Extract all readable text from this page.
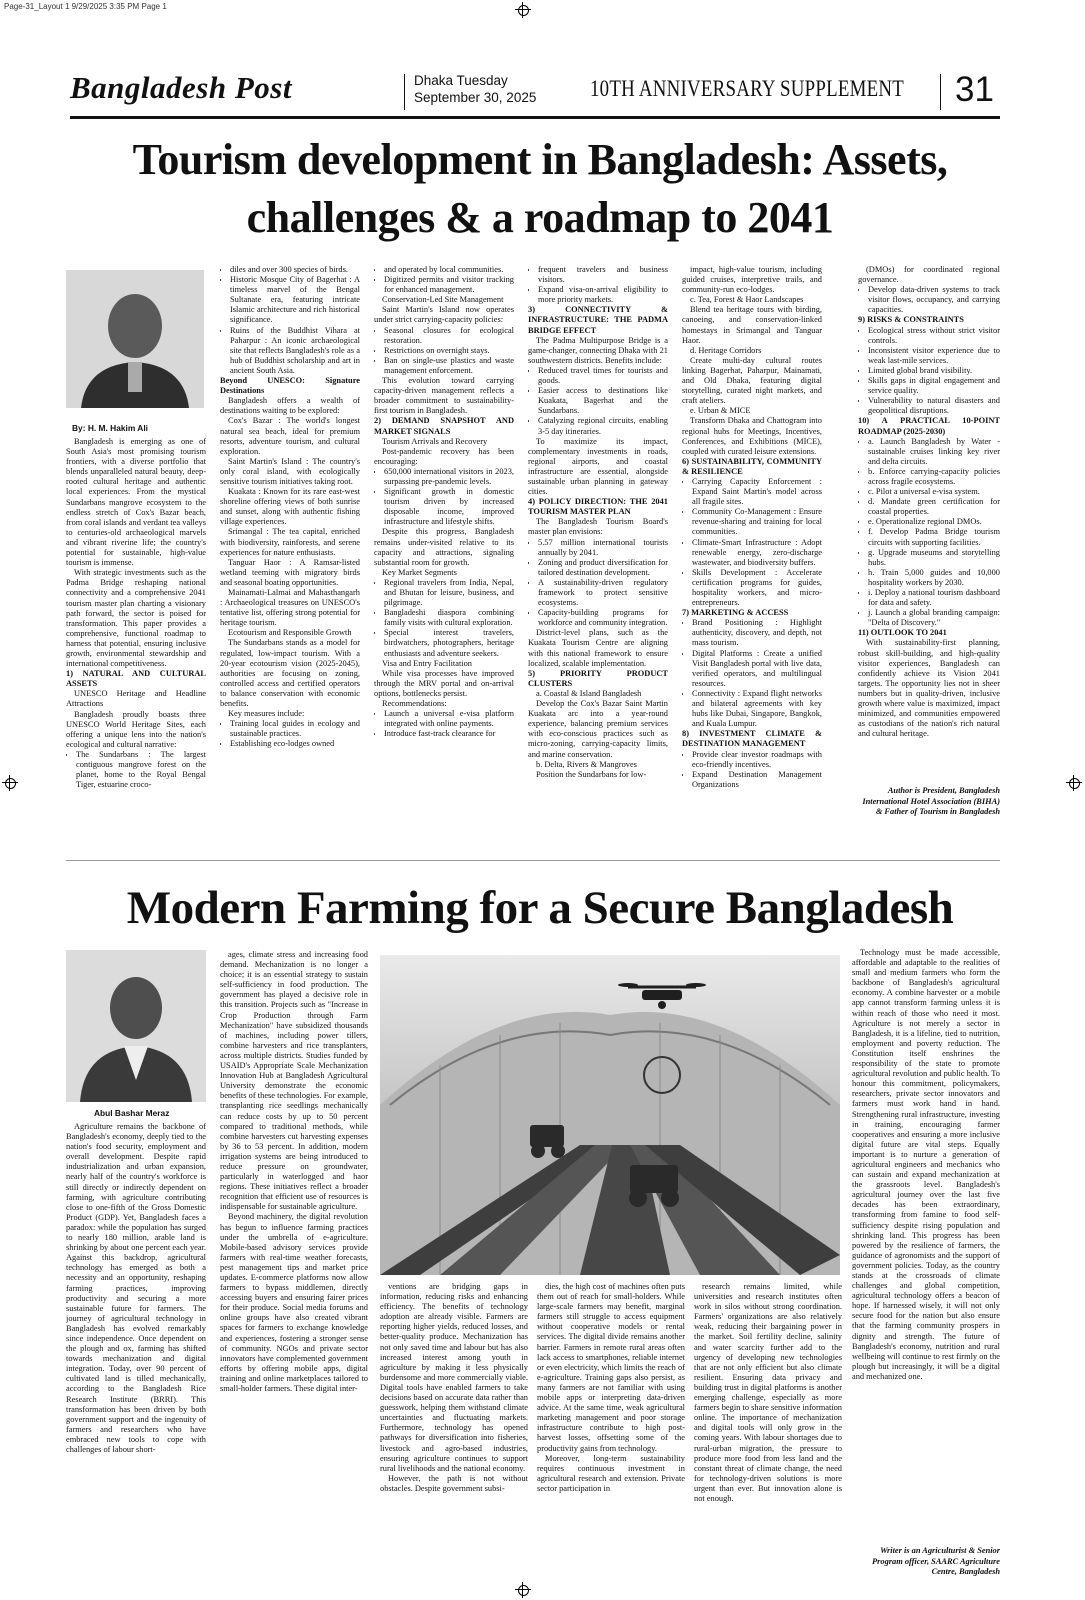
Page-31_Layout 1 9/29/2025 3:35 PM Page 1
Bangladesh Post	Dhaka Tuesday
September 30, 2025 10TH ANNIVERSARY SUPPLEMENT 31
Tourism development in Bangladesh: Assets,
challenges & a roadmap to 2041
By: H. M. Hakim Ali

Bangladesh is emerging as one of South Asia's most promising tourism frontiers, with a diverse portfolio that blends unparalleled natural beauty, deep-rooted cultural heritage and authentic local experiences. From the mystical Sundarbans mangrove ecosystem to the endless stretch of Cox's Bazar beach, from coral islands and verdant tea valleys to centuries-old archaeological marvels and vibrant riverine life; the country's potential for sustainable, high-value tourism is immense.

With strategic investments such as the Padma Bridge reshaping national connectivity and a comprehensive 2041 tourism master plan charting a visionary path forward, the sector is poised for transformation. This paper provides a comprehensive, functional roadmap to harness that potential, ensuring inclusive growth, environmental stewardship and international competitiveness.

1) NATURAL AND CULTURAL ASSETS

UNESCO Heritage and Headline Attractions

Bangladesh proudly boasts three UNESCO World Heritage Sites, each offering a unique lens into the nation's ecological and cultural narrative:

• The Sundarbans : The largest contiguous mangrove forest on the planet, home to the Royal Bengal Tiger, estuarine croco-
• diles and over 300 species of birds.
• Historic Mosque City of Bagerhat : A timeless marvel of the Bengal Sultanate era, featuring intricate Islamic architecture and rich historical significance.
• Ruins of the Buddhist Vihara at Paharpur : An iconic archaeological site that reflects Bangladesh's role as a hub of Buddhist scholarship and art in ancient South Asia.

Beyond UNESCO: Signature Destinations

Bangladesh offers a wealth of destinations waiting to be explored:

Cox's Bazar : The world's longest natural sea beach, ideal for premium resorts, adventure tourism, and cultural exploration.

Saint Martin's Island : The country's only coral island, with ecologically sensitive tourism initiatives taking root.

Kuakata : Known for its rare east-west shoreline offering views of both sunrise and sunset, along with authentic fishing village experiences.

Srimangal : The tea capital, enriched with biodiversity, rainforests, and serene experiences for nature enthusiasts.

Tanguar Haor : A Ramsar-listed wetland teeming with migratory birds and seasonal boating opportunities.

Mainamati-Lalmai and Mahasthangarh : Archaeological treasures on UNESCO's tentative list, offering strong potential for heritage tourism.

Ecotourism and Responsible Growth

The Sundarbans stands as a model for regulated, low-impact tourism. With a 20-year ecotourism vision (2025-2045), authorities are focusing on zoning, controlled access and certified operators to balance conservation with economic benefits.

Key measures include:

• Training local guides in ecology and sustainable practices.
• Establishing eco-lodges owned
• and operated by local communities.
• Digitized permits and visitor tracking for enhanced management.

Conservation-Led Site Management

Saint Martin's Island now operates under strict carrying-capacity policies:

• Seasonal closures for ecological restoration.
• Restrictions on overnight stays.
• Ban on single-use plastics and waste management enforcement.

This evolution toward carrying capacity-driven management reflects a broader commitment to sustainability-first tourism in Bangladesh.

2) DEMAND SNAPSHOT AND MARKET SIGNALS

Tourism Arrivals and Recovery

Post-pandemic recovery has been encouraging:

• 650,000 international visitors in 2023, surpassing pre-pandemic levels.
• Significant growth in domestic tourism driven by increased disposable income, improved infrastructure and lifestyle shifts.

Despite this progress, Bangladesh remains under-visited relative to its capacity and attractions, signaling substantial room for growth.

Key Market Segments

• Regional travelers from India, Nepal, and Bhutan for leisure, business, and pilgrimage.
• Bangladeshi diaspora combining family visits with cultural exploration.
• Special interest travelers, birdwatchers, photographers, heritage enthusiasts and adventure seekers.

Visa and Entry Facilitation

While visa processes have improved through the MRV portal and on-arrival options, bottlenecks persist.

Recommendations:

• Launch a universal e-visa platform integrated with online payments.
• Introduce fast-track clearance for
• frequent travelers and business visitors.
• Expand visa-on-arrival eligibility to more priority markets.

3) CONNECTIVITY & INFRASTRUCTURE: THE PADMA BRIDGE EFFECT

The Padma Multipurpose Bridge is a game-changer, connecting Dhaka with 21 southwestern districts. Benefits include:

• Reduced travel times for tourists and goods.
• Easier access to destinations like Kuakata, Bagerhat and the Sundarbans.
• Catalyzing regional circuits, enabling 3-5 day itineraries.

To maximize its impact, complementary investments in roads, regional airports, and coastal infrastructure are essential, alongside sustainable urban planning in gateway cities.

4) POLICY DIRECTION: THE 2041 TOURISM MASTER PLAN

The Bangladesh Tourism Board's master plan envisions:

• 5.57 million international tourists annually by 2041.
• Zoning and product diversification for tailored destination development.
• A sustainability-driven regulatory framework to protect sensitive ecosystems.
• Capacity-building programs for workforce and community integration.

District-level plans, such as the Kuakata Tourism Centre are aligning with this national framework to ensure localized, scalable implementation.

5) PRIORITY PRODUCT CLUSTERS

a. Coastal & Island Bangladesh

Develop the Cox's Bazar Saint Martin Kuakata arc into a year-round experience, balancing premium services with eco-conscious practices such as micro-zoning, carrying-capacity limits, and marine conservation.

b. Delta, Rivers & Mangroves

Position the Sundarbans for low-

impact, high-value tourism, including guided cruises, interpretive trails, and community-run eco-lodges.

c. Tea, Forest & Haor Landscapes

Blend tea heritage tours with birding, canoeing, and conservation-linked homestays in Srimangal and Tanguar Haor.

d. Heritage Corridors

Create multi-day cultural routes linking Bagerhat, Paharpur, Mainamati, and Old Dhaka, featuring digital storytelling, curated night markets, and craft ateliers.

e. Urban & MICE

Transform Dhaka and Chattogram into regional hubs for Meetings, Incentives, Conferences, and Exhibitions (MICE), coupled with curated leisure extensions.

6) SUSTAINABILITY, COMMUNITY & RESILIENCE

• Carrying Capacity Enforcement : Expand Saint Martin's model across all fragile sites.
• Community Co-Management : Ensure revenue-sharing and training for local communities.
• Climate-Smart Infrastructure : Adopt renewable energy, zero-discharge wastewater, and biodiversity buffers.
• Skills Development : Accelerate certification programs for guides, hospitality workers, and micro-entrepreneurs.

7) MARKETING & ACCESS

• Brand Positioning : Highlight authenticity, discovery, and depth, not mass tourism.
• Digital Platforms : Create a unified Visit Bangladesh portal with live data, verified operators, and multilingual resources.
• Connectivity : Expand flight networks and bilateral agreements with key hubs like Dubai, Singapore, Bangkok, and Kuala Lumpur.

8) INVESTMENT CLIMATE & DESTINATION MANAGEMENT

• Provide clear investor roadmaps with eco-friendly incentives.
• Expand Destination Management Organizations

(DMOs) for coordinated regional governance.

• Develop data-driven systems to track visitor flows, occupancy, and carrying capacities.

9) RISKS & CONSTRAINTS

• Ecological stress without strict visitor controls.
• Inconsistent visitor experience due to weak last-mile services.
• Limited global brand visibility.
• Skills gaps in digital engagement and service quality.
• Vulnerability to natural disasters and geopolitical disruptions.

10) A PRACTICAL 10-POINT ROADMAP (2025-2030)

• a. Launch Bangladesh by Water - sustainable cruises linking key river and delta circuits.
• b. Enforce carrying-capacity policies across fragile ecosystems.
• c. Pilot a universal e-visa system.
• d. Mandate green certification for coastal properties.
• e. Operationalize regional DMOs.
• f. Develop Padma Bridge tourism circuits with supporting facilities.
• g. Upgrade museums and storytelling hubs.
• h. Train 5,000 guides and 10,000 hospitality workers by 2030.
• i. Deploy a national tourism dashboard for data and safety.
• j. Launch a global branding campaign: "Delta of Discovery."

11) OUTLOOK TO 2041

With sustainability-first planning, robust skill-building, and high-quality visitor experiences, Bangladesh can confidently achieve its Vision 2041 targets. The opportunity lies not in sheer numbers but in quality-driven, inclusive growth where value is maximized, impact minimized, and communities empowered as custodians of the nation's rich natural and cultural heritage.

Author is President, Bangladesh International Hotel Association (BIHA) & Father of Tourism in Bangladesh
Modern Farming for a Secure Bangladesh
Abul Bashar Meraz

Agriculture remains the backbone of Bangladesh's economy, deeply tied to the nation's food security, employment and overall development. Despite rapid industrialization and urban expansion, nearly half of the country's workforce is still directly or indirectly dependent on farming, with agriculture contributing close to one-fifth of the Gross Domestic Product (GDP). Yet, Bangladesh faces a paradox: while the population has surged to nearly 180 million, arable land is shrinking by about one percent each year. Against this backdrop, agricultural technology has emerged as both a necessity and an opportunity, reshaping farming practices, improving productivity and securing a more sustainable future for farmers. The journey of agricultural technology in Bangladesh has evolved remarkably since independence. Once dependent on the plough and ox, farming has shifted towards mechanization and digital integration. Today, over 90 percent of cultivated land is tilled mechanically, according to the Bangladesh Rice Research Institute (BRRI). This transformation has been driven by both government support and the ingenuity of farmers and researchers who have embraced new tools to cope with challenges of labour short-

ages, climate stress and increasing food demand. Mechanization is no longer a choice; it is an essential strategy to sustain self-sufficiency in food production. The government has played a decisive role in this transition. Projects such as "Increase in Crop Production through Farm Mechanization" have subsidized thousands of machines, including power tillers, combine harvesters and rice transplanters, across multiple districts. Studies funded by USAID's Appropriate Scale Mechanization Innovation Hub at Bangladesh Agricultural University demonstrate the economic benefits of these technologies. For example, transplanting rice seedlings mechanically can reduce costs by up to 50 percent compared to traditional methods, while combine harvesters cut harvesting expenses by 36 to 53 percent. In addition, modern irrigation systems are being introduced to reduce pressure on groundwater, particularly in waterlogged and haor regions. These initiatives reflect a broader recognition that efficient use of resources is indispensable for sustainable agriculture.

Beyond machinery, the digital revolution has begun to influence farming practices under the umbrella of e-agriculture. Mobile-based advisory services provide farmers with real-time weather forecasts, pest management tips and market price updates. E-commerce platforms now allow farmers to bypass middlemen, directly accessing buyers and ensuring fairer prices for their produce. Social media forums and online groups have also created vibrant spaces for farmers to exchange knowledge and experiences, fostering a stronger sense of community. NGOs and private sector innovators have complemented government efforts by offering mobile apps, digital training and online marketplaces tailored to small-holder farmers. These digital inter-

ventions are bridging gaps in information, reducing risks and enhancing efficiency. The benefits of technology adoption are already visible. Farmers are reporting higher yields, reduced losses, and better-quality produce. Mechanization has not only saved time and labour but has also increased interest among youth in agriculture by making it less physically burdensome and more commercially viable. Digital tools have enabled farmers to take decisions based on accurate data rather than guesswork, helping them withstand climate uncertainties and fluctuating markets. Furthermore, technology has opened pathways for diversification into fisheries, livestock and agro-based industries, ensuring agriculture continues to support rural livelihoods and the national economy.

However, the path is not without obstacles. Despite government subsi-

dies, the high cost of machines often puts them out of reach for small-holders. While large-scale farmers may benefit, marginal farmers still struggle to access equipment without cooperative models or rental services. The digital divide remains another barrier. Farmers in remote rural areas often lack access to smartphones, reliable internet or even electricity, which limits the reach of e-agriculture. Training gaps also persist, as many farmers are not familiar with using mobile apps or interpreting data-driven advice. At the same time, weak agricultural marketing management and poor storage infrastructure contribute to high post-harvest losses, offsetting some of the productivity gains from technology.

Moreover, long-term sustainability requires continuous investment in agricultural research and extension. Private sector participation in

research remains limited, while universities and research institutes often work in silos without strong coordination. Farmers' organizations are also relatively weak, reducing their bargaining power in the market. Soil fertility decline, salinity and water scarcity further add to the urgency of developing new technologies that are not only efficient but also climate resilient. Ensuring data privacy and building trust in digital platforms is another emerging challenge, especially as more farmers begin to share sensitive information online. The importance of mechanization and digital tools will only grow in the coming years. With labour shortages due to rural-urban migration, the pressure to produce more food from less land and the constant threat of climate change, the need for technology-driven solutions is more urgent than ever. But innovation alone is not enough.

Technology must be made accessible, affordable and adaptable to the realities of small and medium farmers who form the backbone of Bangladesh's agricultural economy. A combine harvester or a mobile app cannot transform farming unless it is within reach of those who need it most. Agriculture is not merely a sector in Bangladesh, it is a lifeline, tied to nutrition, employment and poverty reduction. The Constitution itself enshrines the responsibility of the state to promote agricultural revolution and public health. To honour this commitment, policymakers, researchers, private sector innovators and farmers must work hand in hand. Strengthening rural infrastructure, investing in training, encouraging farmer cooperatives and ensuring a more inclusive digital future are vital steps. Equally important is to nurture a generation of agricultural engineers and mechanics who can sustain and expand mechanization at the grassroots level. Bangladesh's agricultural journey over the last five decades has been extraordinary, transforming from famine to food self-sufficiency despite rising population and shrinking land. This progress has been powered by the resilience of farmers, the guidance of agronomists and the support of government policies. Today, as the country stands at the crossroads of climate challenges and global competition, agricultural technology offers a beacon of hope. If harnessed wisely, it will not only secure food for the nation but also ensure that the farming community prospers in dignity and strength. The future of Bangladesh's economy, nutrition and rural wellbeing will continue to rest firmly on the plough but increasingly, it will be a digital and mechanized one.

Writer is an Agriculturist & Senior Program officer, SAARC Agriculture Centre, Bangladesh
